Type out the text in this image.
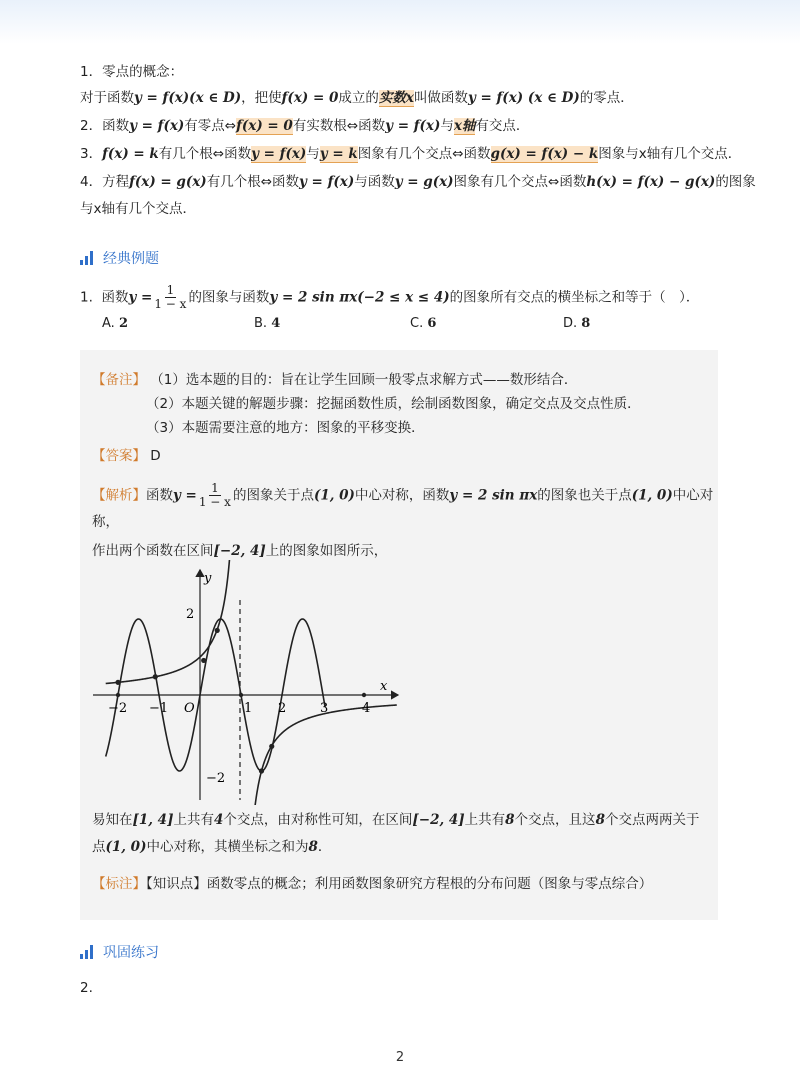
1．零点的概念：
对于函数y = f(x)(x ∈ D)，把使f(x) = 0成立的实数x叫做函数y = f(x) (x ∈ D)的零点．
2．函数y = f(x)有零点⇔f(x) = 0有实数根⇔函数y = f(x)与x轴有交点．
3．f(x) = k有几个根⇔函数y = f(x)与y = k图象有几个交点⇔函数g(x) = f(x) − k图象与x轴有几个交点．
4．方程f(x) = g(x)有几个根⇔函数y = f(x)与函数y = g(x)图象有几个交点⇔函数h(x) = f(x) − g(x)的图象
与x轴有几个交点．
经典例题
1. 函数$y = \frac{1}{1 - x}$ 的图象与函数y = 2 sin πx(−2 ≤ x ≤ 4)的图象所有交点的横坐标之和等于（　）．
A. 2	B. 4	C. 6	D. 8
【备注】 （1）选本题的目的：旨在让学生回顾一般零点求解方式——数形结合．
（2）本题关键的解题步骤：挖掘函数性质，绘制函数图象，确定交点及交点性质．
（3）本题需要注意的地方：图象的平移变换．
【答案】 D
【解析】函数$y = \frac{1}{1 - x}$ 的图象关于点(1, 0)中心对称，函数y = 2 sin πx的图象也关于点(1, 0)中心对
称，
作出两个函数在区间[−2, 4]上的图象如图所示，
x
y
O
−2 −1	1 2	3	4
2
−2
易知在[1, 4]上共有4个交点，由对称性可知，在区间[−2, 4]上共有8个交点，且这8个交点两两关于
点(1, 0)中心对称，其横坐标之和为8．
【标注】【知识点】函数零点的概念；利用函数图象研究方程根的分布问题（图象与零点综合）
巩固练习
2.
2
